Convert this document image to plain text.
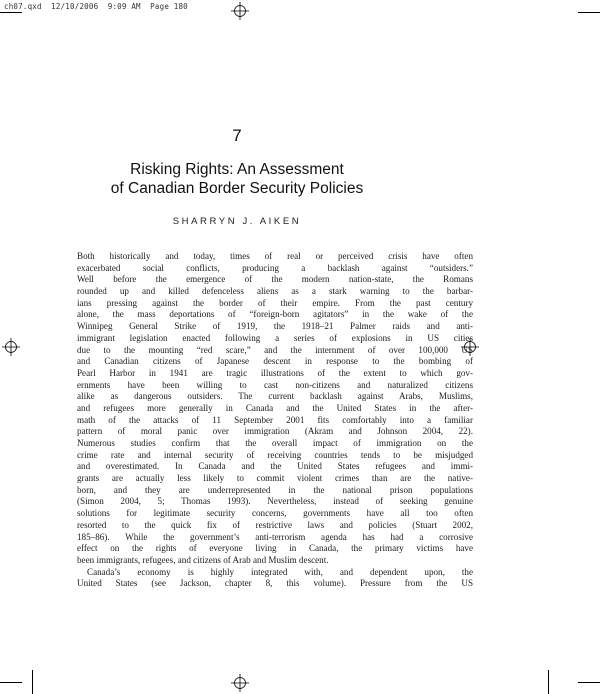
ch07.qxd  12/10/2006  9:09 AM  Page 180
7
Risking Rights: An Assessment
of Canadian Border Security Policies
SHARRYN J. AIKEN
Both historically and today, times of real or perceived crisis have often
exacerbated social conflicts, producing a backlash against “outsiders.”
Well before the emergence of the modern nation-state, the Romans
rounded up and killed defenceless aliens as a stark warning to the barbar-
ians pressing against the border of their empire. From the past century
alone, the mass deportations of “foreign-born agitators” in the wake of the
Winnipeg General Strike of 1919, the 1918–21 Palmer raids and anti-
immigrant legislation enacted following a series of explosions in US cities
due to the mounting “red scare,” and the internment of over 100,000 US
and Canadian citizens of Japanese descent in response to the bombing of
Pearl Harbor in 1941 are tragic illustrations of the extent to which gov-
ernments have been willing to cast non-citizens and naturalized citizens
alike as dangerous outsiders. The current backlash against Arabs, Muslims,
and refugees more generally in Canada and the United States in the after-
math of the attacks of 11 September 2001 fits comfortably into a familiar
pattern of moral panic over immigration (Akram and Johnson 2004, 22).
Numerous studies confirm that the overall impact of immigration on the
crime rate and internal security of receiving countries tends to be misjudged
and overestimated. In Canada and the United States refugees and immi-
grants are actually less likely to commit violent crimes than are the native-
born, and they are underrepresented in the national prison populations
(Simon 2004, 5; Thomas 1993). Nevertheless, instead of seeking genuine
solutions for legitimate security concerns, governments have all too often
resorted to the quick fix of restrictive laws and policies (Stuart 2002,
185–86). While the government’s anti-terrorism agenda has had a corrosive
effect on the rights of everyone living in Canada, the primary victims have
been immigrants, refugees, and citizens of Arab and Muslim descent.
Canada’s economy is highly integrated with, and dependent upon, the
United States (see Jackson, chapter 8, this volume). Pressure from the US
